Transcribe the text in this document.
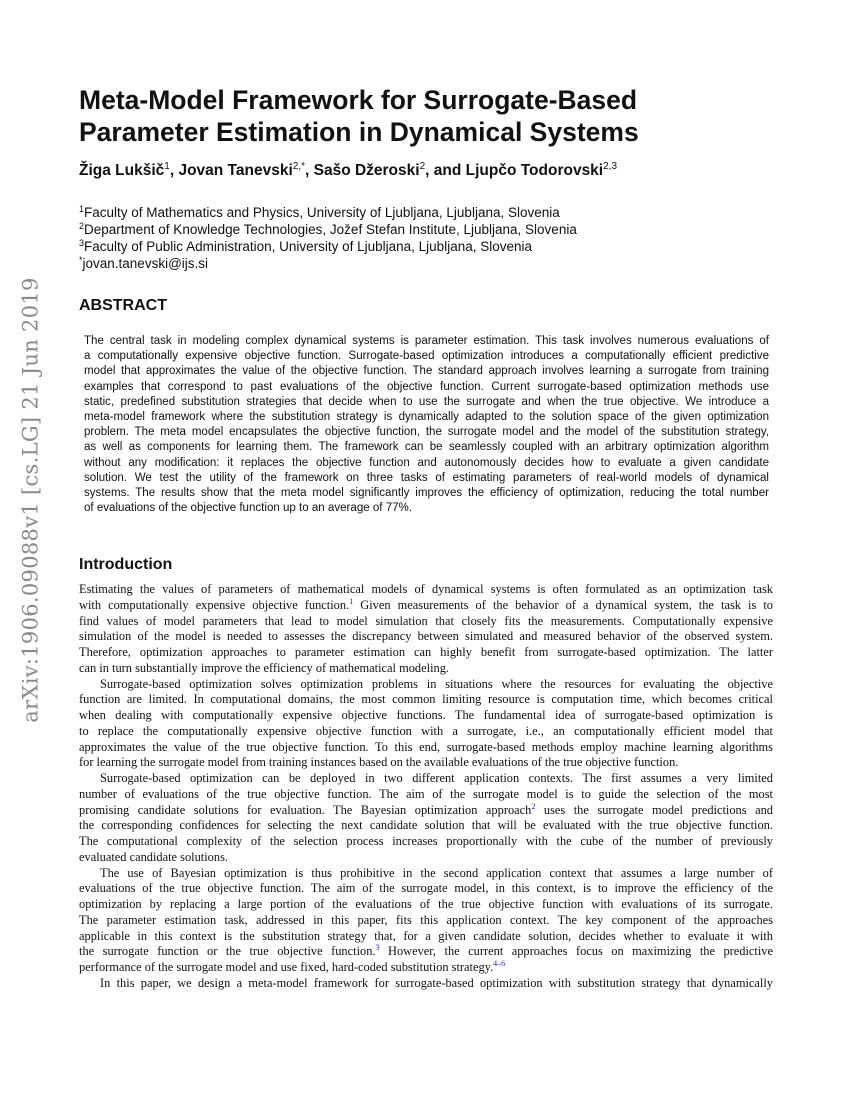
arXiv:1906.09088v1 [cs.LG] 21 Jun 2019
Meta-Model Framework for Surrogate-Based
Parameter Estimation in Dynamical Systems
Žiga Lukšič$^1$, Jovan Tanevski$^{2,*}$, Sašo Džeroski$^2$, and Ljupčo Todorovski$^{2,3}$
$^1$Faculty of Mathematics and Physics, University of Ljubljana, Ljubljana, Slovenia
$^2$Department of Knowledge Technologies, Jožef Stefan Institute, Ljubljana, Slovenia
$^3$Faculty of Public Administration, University of Ljubljana, Ljubljana, Slovenia
*jovan.tanevski@ijs.si
ABSTRACT
The central task in modeling complex dynamical systems is parameter estimation. This task involves numerous evaluations of
a computationally expensive objective function. Surrogate-based optimization introduces a computationally efficient predictive
model that approximates the value of the objective function. The standard approach involves learning a surrogate from training
examples that correspond to past evaluations of the objective function. Current surrogate-based optimization methods use
static, predefined substitution strategies that decide when to use the surrogate and when the true objective. We introduce a
meta-model framework where the substitution strategy is dynamically adapted to the solution space of the given optimization
problem. The meta model encapsulates the objective function, the surrogate model and the model of the substitution strategy,
as well as components for learning them. The framework can be seamlessly coupled with an arbitrary optimization algorithm
without any modification: it replaces the objective function and autonomously decides how to evaluate a given candidate
solution. We test the utility of the framework on three tasks of estimating parameters of real-world models of dynamical
systems. The results show that the meta model significantly improves the efficiency of optimization, reducing the total number
of evaluations of the objective function up to an average of 77%.
Introduction
Estimating the values of parameters of mathematical models of dynamical systems is often formulated as an optimization task
with computationally expensive objective function.$^1$ Given measurements of the behavior of a dynamical system, the task is to
find values of model parameters that lead to model simulation that closely fits the measurements. Computationally expensive
simulation of the model is needed to assesses the discrepancy between simulated and measured behavior of the observed system.
Therefore, optimization approaches to parameter estimation can highly benefit from surrogate-based optimization. The latter
can in turn substantially improve the efficiency of mathematical modeling.
Surrogate-based optimization solves optimization problems in situations where the resources for evaluating the objective
function are limited. In computational domains, the most common limiting resource is computation time, which becomes critical
when dealing with computationally expensive objective functions. The fundamental idea of surrogate-based optimization is
to replace the computationally expensive objective function with a surrogate, i.e., an computationally efficient model that
approximates the value of the true objective function. To this end, surrogate-based methods employ machine learning algorithms
for learning the surrogate model from training instances based on the available evaluations of the true objective function.
Surrogate-based optimization can be deployed in two different application contexts. The first assumes a very limited
number of evaluations of the true objective function. The aim of the surrogate model is to guide the selection of the most
promising candidate solutions for evaluation. The Bayesian optimization approach$^2$ uses the surrogate model predictions and
the corresponding confidences for selecting the next candidate solution that will be evaluated with the true objective function.
The computational complexity of the selection process increases proportionally with the cube of the number of previously
evaluated candidate solutions.
The use of Bayesian optimization is thus prohibitive in the second application context that assumes a large number of
evaluations of the true objective function. The aim of the surrogate model, in this context, is to improve the efficiency of the
optimization by replacing a large portion of the evaluations of the true objective function with evaluations of its surrogate.
The parameter estimation task, addressed in this paper, fits this application context. The key component of the approaches
applicable in this context is the substitution strategy that, for a given candidate solution, decides whether to evaluate it with
the surrogate function or the true objective function.$^3$ However, the current approaches focus on maximizing the predictive
performance of the surrogate model and use fixed, hard-coded substitution strategy.$^{4-6}$
In this paper, we design a meta-model framework for surrogate-based optimization with substitution strategy that dynamically
